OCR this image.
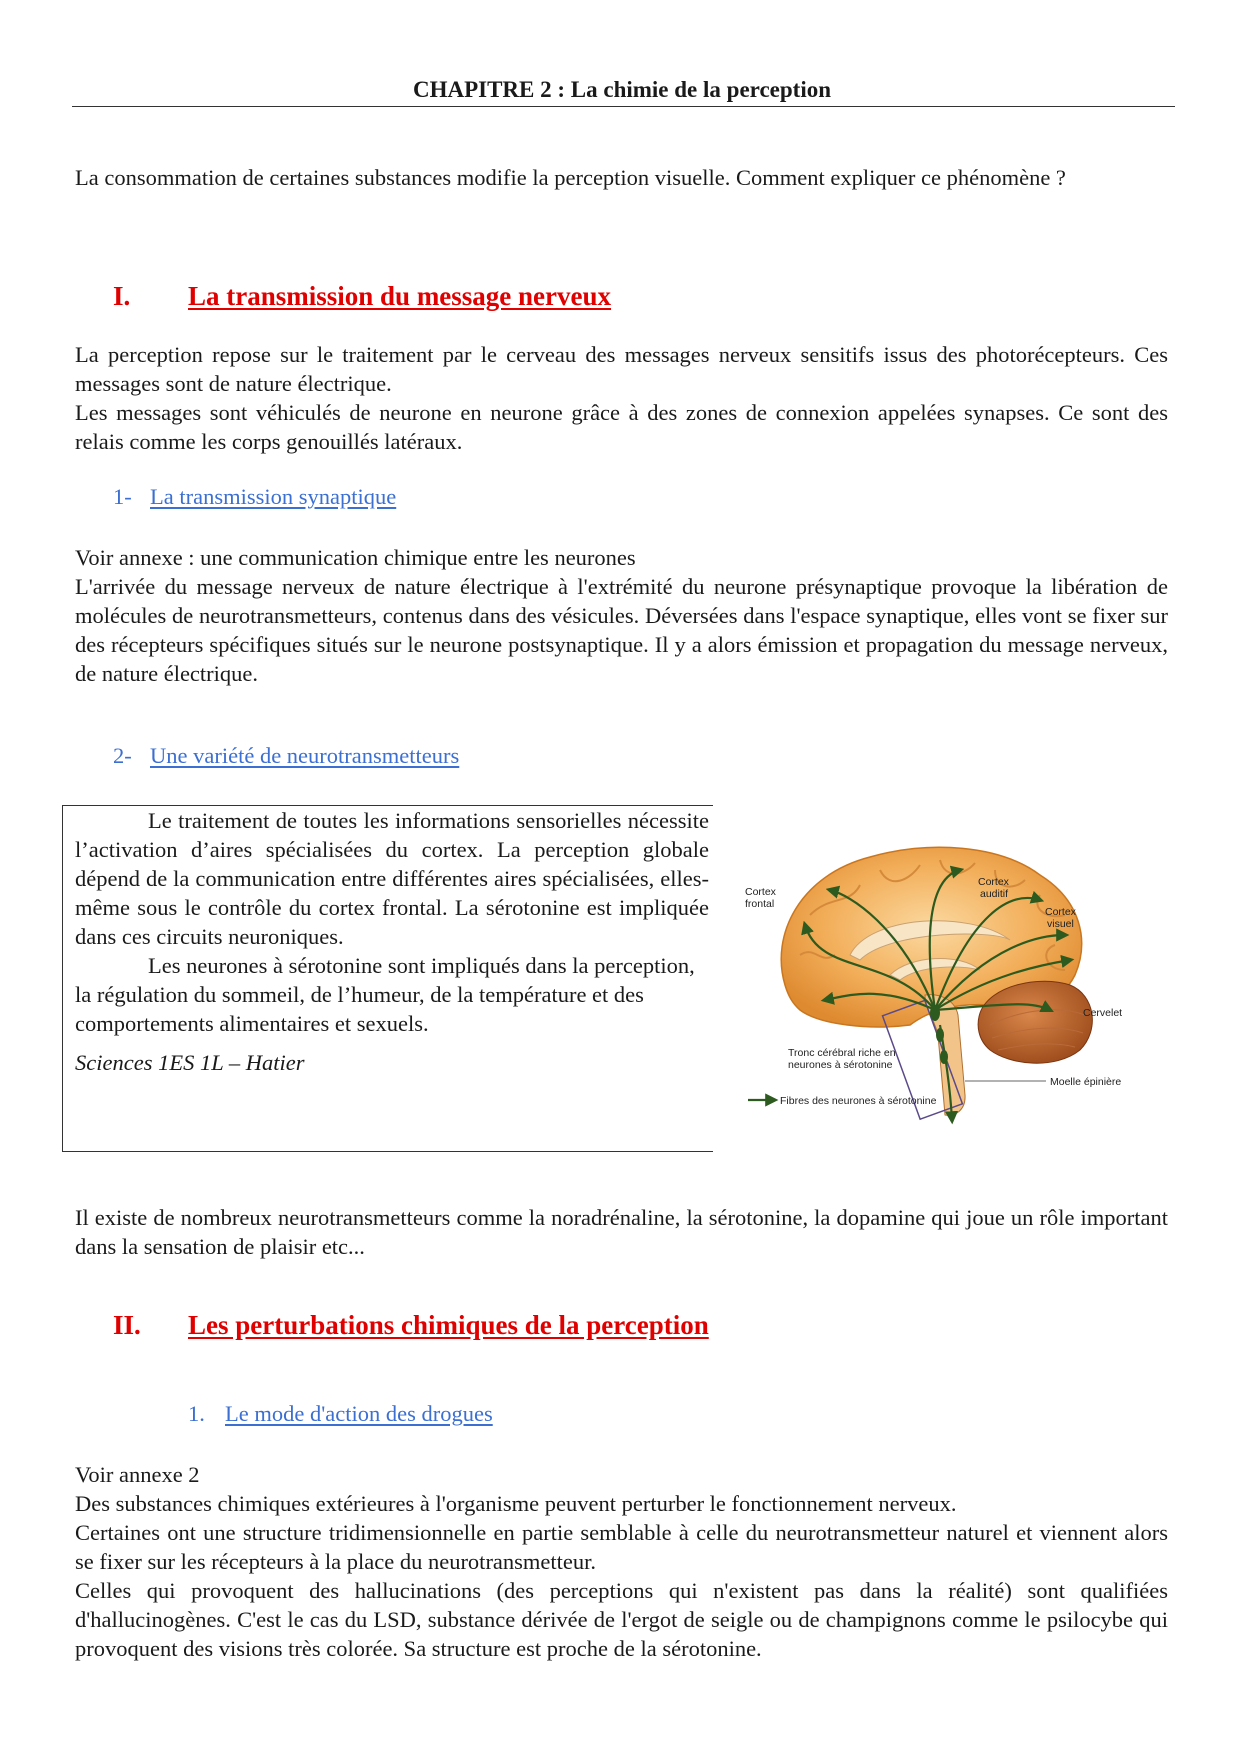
CHAPITRE 2 : La chimie de la perception
La consommation de certaines substances modifie la perception visuelle. Comment expliquer ce phénomène ?
I. La transmission du message nerveux

La perception repose sur le traitement par le cerveau des messages nerveux sensitifs issus des photorécepteurs. Ces messages sont de nature électrique.

Les messages sont véhiculés de neurone en neurone grâce à des zones de connexion appelées synapses. Ce sont des relais comme les corps genouillés latéraux.

1- La transmission synaptique

Voir annexe : une communication chimique entre les neurones

L'arrivée du message nerveux de nature électrique à l'extrémité du neurone présynaptique provoque la libération de molécules de neurotransmetteurs, contenus dans des vésicules. Déversées dans l'espace synaptique, elles vont se fixer sur des récepteurs spécifiques situés sur le neurone postsynaptique. Il y a alors émission et propagation du message nerveux, de nature électrique.

2- Une variété de neurotransmetteurs

Le traitement de toutes les informations sensorielles nécessite l’activation d’aires spécialisées du cortex. La perception globale dépend de la communication entre différentes aires spécialisées, elles-même sous le contrôle du cortex frontal. La sérotonine est impliquée dans ces circuits neuroniques.

Les neurones à sérotonine sont impliqués dans la perception, la régulation du sommeil, de l’humeur, de la température et des comportements alimentaires et sexuels.

Sciences 1ES 1L – Hatier

Cortex
frontal
Cortex
auditif
Cortex
visuel
Cervelet
Tronc cérébral riche en
neurones à sérotonine
Moelle épinière
Fibres des neurones à sérotonine
Il existe de nombreux neurotransmetteurs comme la noradrénaline, la sérotonine, la dopamine qui joue un rôle important dans la sensation de plaisir etc...
II. Les perturbations chimiques de la perception
1. Le mode d'action des drogues

Voir annexe 2

Des substances chimiques extérieures à l'organisme peuvent perturber le fonctionnement nerveux.

Certaines ont une structure tridimensionnelle en partie semblable à celle du neurotransmetteur naturel et viennent alors se fixer sur les récepteurs à la place du neurotransmetteur.

Celles qui provoquent des hallucinations (des perceptions qui n'existent pas dans la réalité) sont qualifiées d'hallucinogènes. C'est le cas du LSD, substance dérivée de l'ergot de seigle ou de champignons comme le psilocybe qui provoquent des visions très colorée. Sa structure est proche de la sérotonine.
